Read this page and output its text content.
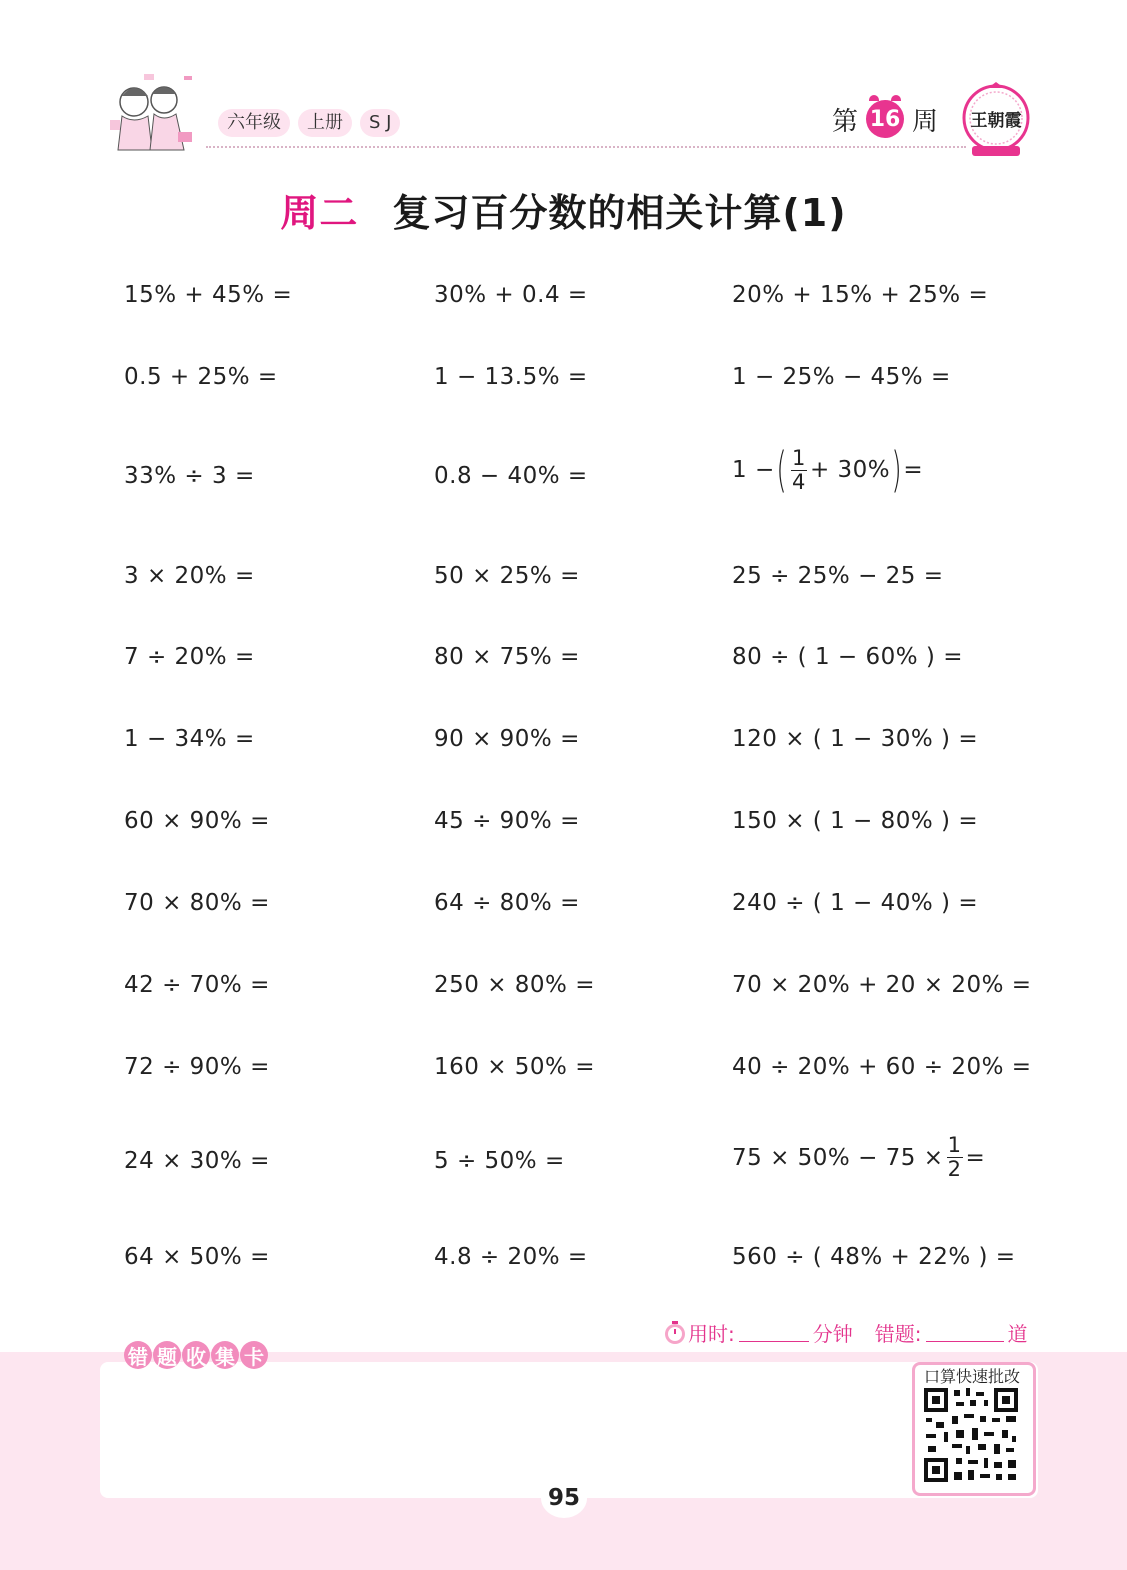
六年级	上册	S J	第 16 周 王朝霞
周二 复习百分数的相关计算(1)
15% + 45% =	30% + 0.4 =	20% + 15% + 25% =
0.5 + 25% =	1 − 13.5% =	1 − 25% − 45% =
33% ÷ 3 =	0.8 − 40% =	1 − ( $\frac{1}{4} + 30\%$ ) =
3 × 20% =	50 × 25% =	25 ÷ 25% − 25 =
7 ÷ 20% =	80 × 75% =	80 ÷ ( 1 − 60% ) =
1 − 34% =	90 × 90% =	120 × ( 1 − 30% ) =
60 × 90% =	45 ÷ 90% =	150 × ( 1 − 80% ) =
70 × 80% =	64 ÷ 80% =	240 ÷ ( 1 − 40% ) =
42 ÷ 70% =	250 × 80% =	70 × 20% + 20 × 20% =
72 ÷ 90% =	160 × 50% =	40 ÷ 20% + 60 ÷ 20% =
24 × 30% =	5 ÷ 50% =	$75 \times 50\% - 75 \times \frac{1}{2}$ =
64 × 50% =	4.8 ÷ 20% =	560 ÷ ( 48% + 22% ) =
用时:	分钟 错题:	道
错 题 收 集 卡
口算快速批改
95
